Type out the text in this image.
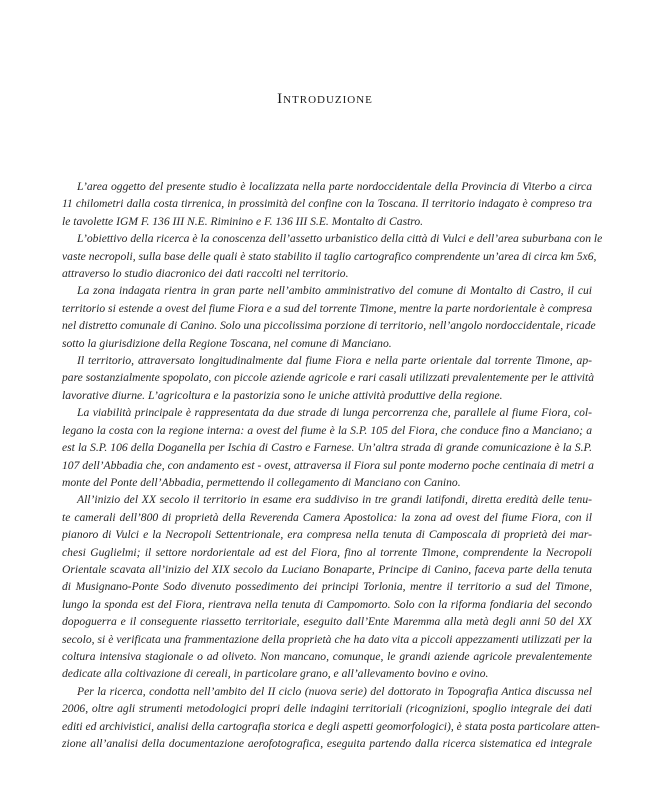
Introduzione
L’area oggetto del presente studio è localizzata nella parte nordoccidentale della Provincia di Viterbo a circa
11 chilometri dalla costa tirrenica, in prossimità del confine con la Toscana. Il territorio indagato è compreso tra
le tavolette IGM F. 136 III N.E. Riminino e F. 136 III S.E. Montalto di Castro.
L’obiettivo della ricerca è la conoscenza dell’assetto urbanistico della città di Vulci e dell’area suburbana con le
vaste necropoli, sulla base delle quali è stato stabilito il taglio cartografico comprendente un’area di circa km 5x6,
attraverso lo studio diacronico dei dati raccolti nel territorio.
La zona indagata rientra in gran parte nell’ambito amministrativo del comune di Montalto di Castro, il cui
territorio si estende a ovest del fiume Fiora e a sud del torrente Timone, mentre la parte nordorientale è compresa
nel distretto comunale di Canino. Solo una piccolissima porzione di territorio, nell’angolo nordoccidentale, ricade
sotto la giurisdizione della Regione Toscana, nel comune di Manciano.
Il territorio, attraversato longitudinalmente dal fiume Fiora e nella parte orientale dal torrente Timone, ap-
pare sostanzialmente spopolato, con piccole aziende agricole e rari casali utilizzati prevalentemente per le attività
lavorative diurne. L’agricoltura e la pastorizia sono le uniche attività produttive della regione.
La viabilità principale è rappresentata da due strade di lunga percorrenza che, parallele al fiume Fiora, col-
legano la costa con la regione interna: a ovest del fiume è la S.P. 105 del Fiora, che conduce fino a Manciano; a
est la S.P. 106 della Doganella per Ischia di Castro e Farnese. Un’altra strada di grande comunicazione è la S.P.
107 dell’Abbadia che, con andamento est - ovest, attraversa il Fiora sul ponte moderno poche centinaia di metri a
monte del Ponte dell’Abbadia, permettendo il collegamento di Manciano con Canino.
All’inizio del XX secolo il territorio in esame era suddiviso in tre grandi latifondi, diretta eredità delle tenu-
te camerali dell’800 di proprietà della Reverenda Camera Apostolica: la zona ad ovest del fiume Fiora, con il
pianoro di Vulci e la Necropoli Settentrionale, era compresa nella tenuta di Camposcala di proprietà dei mar-
chesi Guglielmi; il settore nordorientale ad est del Fiora, fino al torrente Timone, comprendente la Necropoli
Orientale scavata all’inizio del XIX secolo da Luciano Bonaparte, Principe di Canino, faceva parte della tenuta
di Musignano-Ponte Sodo divenuto possedimento dei principi Torlonia, mentre il territorio a sud del Timone,
lungo la sponda est del Fiora, rientrava nella tenuta di Campomorto. Solo con la riforma fondiaria del secondo
dopoguerra e il conseguente riassetto territoriale, eseguito dall’Ente Maremma alla metà degli anni 50 del XX
secolo, si è verificata una frammentazione della proprietà che ha dato vita a piccoli appezzamenti utilizzati per la
coltura intensiva stagionale o ad oliveto. Non mancano, comunque, le grandi aziende agricole prevalentemente
dedicate alla coltivazione di cereali, in particolare grano, e all’allevamento bovino e ovino.
Per la ricerca, condotta nell’ambito del II ciclo (nuova serie) del dottorato in Topografia Antica discussa nel
2006, oltre agli strumenti metodologici propri delle indagini territoriali (ricognizioni, spoglio integrale dei dati
editi ed archivistici, analisi della cartografia storica e degli aspetti geomorfologici), è stata posta particolare atten-
zione all’analisi della documentazione aerofotografica, eseguita partendo dalla ricerca sistematica ed integrale
